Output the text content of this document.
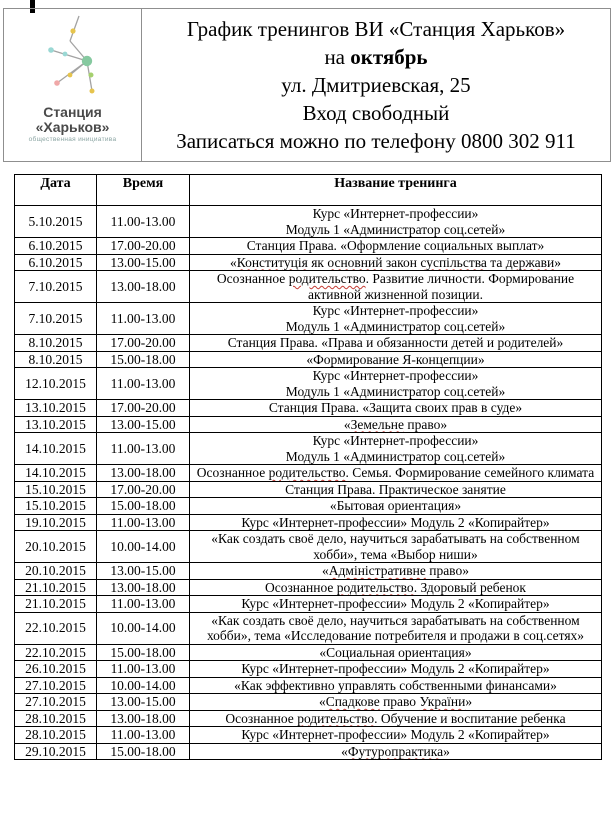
Станция
«Харьков»
общественная инициатива
График тренингов ВИ «Станция Харьков»
на октябрь
ул. Дмитриевская, 25
Вход свободный
Записаться можно по телефону 0800 302 911
Дата	Время	Название тренинга
5.10.2015	11.00-13.00	Курс «Интернет-профессии»
Модуль 1 «Администратор соц.сетей»
6.10.2015	17.00-20.00	Станция Права. «Оформление социальных выплат»
6.10.2015	13.00-15.00	«Конституція як основний закон суспільства та держави»
7.10.2015	13.00-18.00	Осознанное родительство. Развитие личности. Формирование активной жизненной позиции.
7.10.2015	11.00-13.00	Курс «Интернет-профессии»
Модуль 1 «Администратор соц.сетей»
8.10.2015	17.00-20.00	Станция Права. «Права и обязанности детей и родителей»
8.10.2015	15.00-18.00	«Формирование Я-концепции»
12.10.2015	11.00-13.00	Курс «Интернет-профессии»
Модуль 1 «Администратор соц.сетей»
13.10.2015	17.00-20.00	Станция Права. «Защита своих прав в суде»
13.10.2015	13.00-15.00	«Земельне право»
14.10.2015	11.00-13.00	Курс «Интернет-профессии»
Модуль 1 «Администратор соц.сетей»
14.10.2015	13.00-18.00	Осознанное родительство. Семья. Формирование семейного климата
15.10.2015	17.00-20.00	Станция Права. Практическое занятие
15.10.2015	15.00-18.00	«Бытовая ориентация»
19.10.2015	11.00-13.00	Курс «Интернет-профессии» Модуль 2 «Копирайтер»
20.10.2015	10.00-14.00	«Как создать своё дело, научиться зарабатывать на собственном хобби», тема «Выбор ниши»
20.10.2015	13.00-15.00	«Адміністративне право»
21.10.2015	13.00-18.00	Осознанное родительство. Здоровый ребенок
21.10.2015	11.00-13.00	Курс «Интернет-профессии» Модуль 2 «Копирайтер»
22.10.2015	10.00-14.00	«Как создать своё дело, научиться зарабатывать на собственном хобби», тема «Исследование потребителя и продажи в соц.сетях»
22.10.2015	15.00-18.00	«Социальная ориентация»
26.10.2015	11.00-13.00	Курс «Интернет-профессии» Модуль 2 «Копирайтер»
27.10.2015	10.00-14.00	«Как эффективно управлять собственными финансами»
27.10.2015	13.00-15.00	«Спадкове право України»
28.10.2015	13.00-18.00	Осознанное родительство. Обучение и воспитание ребенка
28.10.2015	11.00-13.00	Курс «Интернет-профессии» Модуль 2 «Копирайтер»
29.10.2015	15.00-18.00	«Футуропрактика»
